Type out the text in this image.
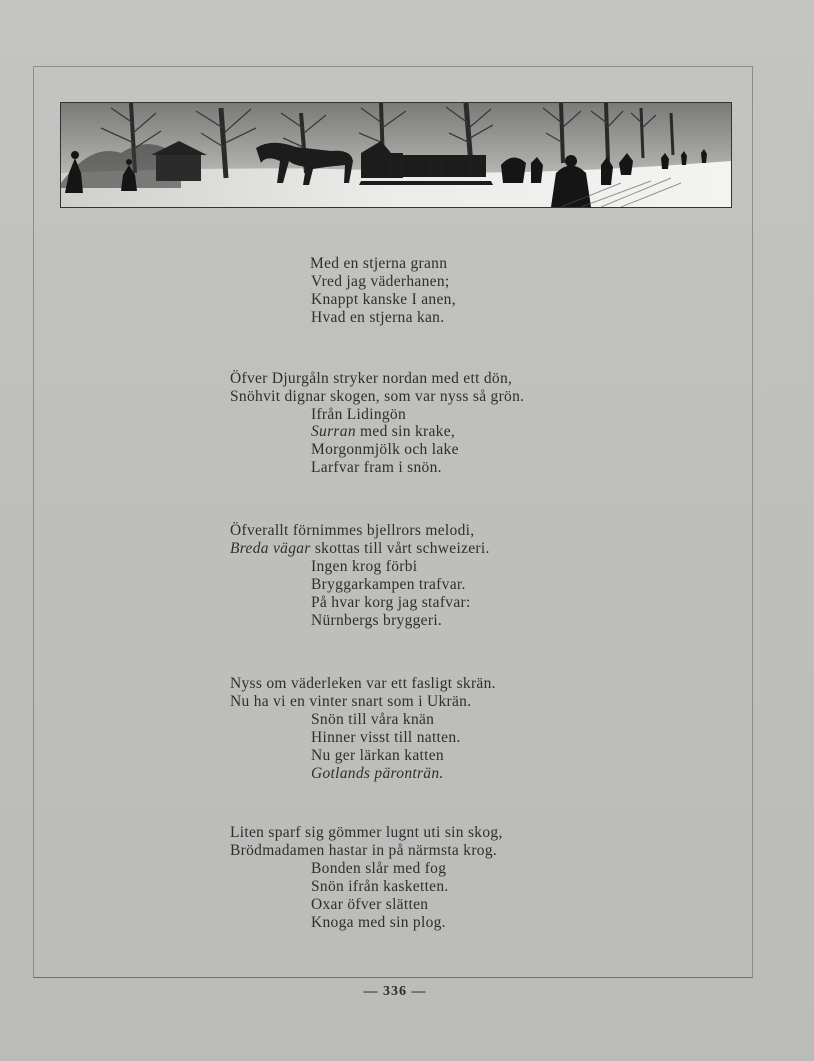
Med en stjerna grann
Vred jag väderhanen;
Knappt kanske I anen,
Hvad en stjerna kan.
Öfver Djurgåln stryker nordan med ett dön,
Snöhvit dignar skogen, som var nyss så grön.
Ifrån Lidingön
Surran med sin krake,
Morgonmjölk och lake
Larfvar fram i snön.
Öfverallt förnimmes bjellrors melodi,
Breda vägar skottas till vårt schweizeri.
Ingen krog förbi
Bryggarkampen trafvar.
På hvar korg jag stafvar:
Nürnbergs bryggeri.
Nyss om väderleken var ett fasligt skrän.
Nu ha vi en vinter snart som i Ukrän.
Snön till våra knän
Hinner visst till natten.
Nu ger lärkan katten
Gotlands päronträn.
Liten sparf sig gömmer lugnt uti sin skog,
Brödmadamen hastar in på närmsta krog.
Bonden slår med fog
Snön ifrån kasketten.
Oxar öfver slätten
Knoga med sin plog.
— 336 —
